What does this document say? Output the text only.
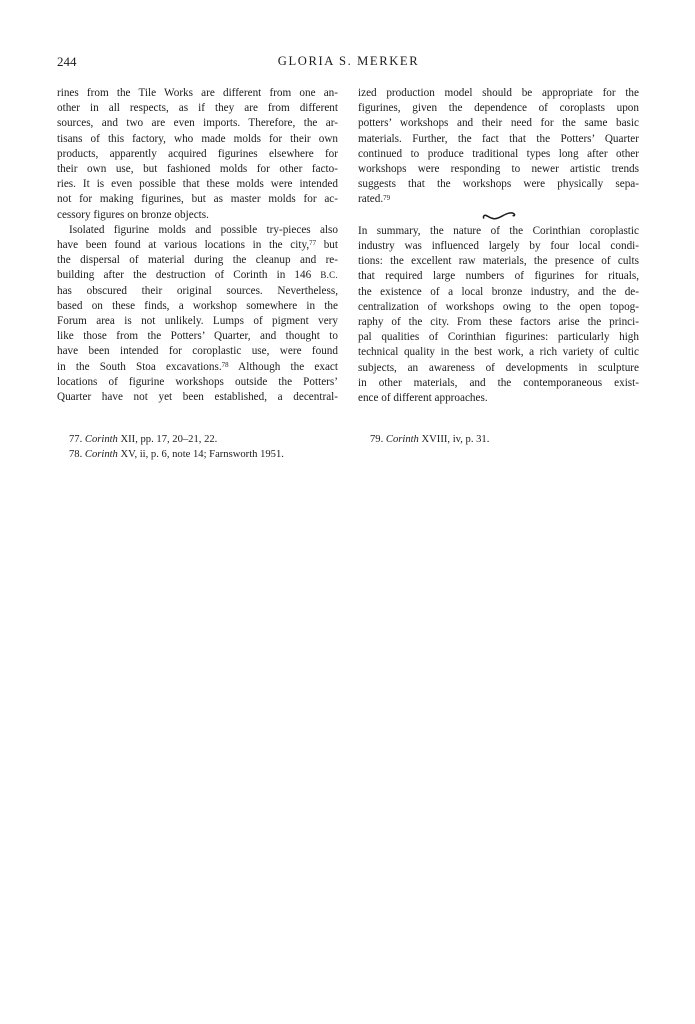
244	GLORIA S. MERKER
rines from the Tile Works are different from one an-
other in all respects, as if they are from different
sources, and two are even imports. Therefore, the ar-
tisans of this factory, who made molds for their own
products, apparently acquired figurines elsewhere for
their own use, but fashioned molds for other facto-
ries. It is even possible that these molds were intended
not for making figurines, but as master molds for ac-
cessory figures on bronze objects.
Isolated figurine molds and possible try-pieces also
have been found at various locations in the city,$^{77}$ but
the dispersal of material during the cleanup and re-
building after the destruction of Corinth in 146 B.C.
has obscured their original sources. Nevertheless,
based on these finds, a workshop somewhere in the
Forum area is not unlikely. Lumps of pigment very
like those from the Potters’ Quarter, and thought to
have been intended for coroplastic use, were found
in the South Stoa excavations.$^{78}$ Although the exact
locations of figurine workshops outside the Potters’
Quarter have not yet been established, a decentral-
ized production model should be appropriate for the
figurines, given the dependence of coroplasts upon
potters’ workshops and their need for the same basic
materials. Further, the fact that the Potters’ Quarter
continued to produce traditional types long after other
workshops were responding to newer artistic trends
suggests that the workshops were physically sepa-
rated.$^{79}$
In summary, the nature of the Corinthian coroplastic
industry was influenced largely by four local condi-
tions: the excellent raw materials, the presence of cults
that required large numbers of figurines for rituals,
the existence of a local bronze industry, and the de-
centralization of workshops owing to the open topog-
raphy of the city. From these factors arise the princi-
pal qualities of Corinthian figurines: particularly high
technical quality in the best work, a rich variety of cultic
subjects, an awareness of developments in sculpture
in other materials, and the contemporaneous exist-
ence of different approaches.
77. Corinth XII, pp. 17, 20–21, 22.
78. Corinth XV, ii, p. 6, note 14; Farnsworth 1951.
79. Corinth XVIII, iv, p. 31.
